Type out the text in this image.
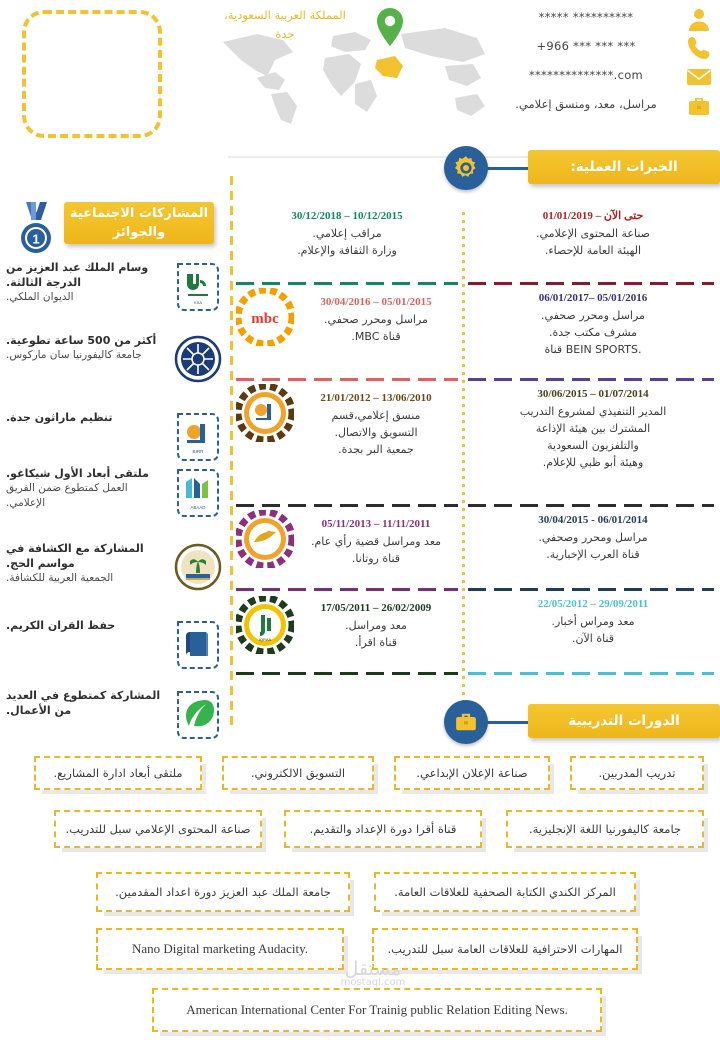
المملكة العربية السعودية،
جدة
***** **********
+966 *** *** ***
**************.com
مراسل، معد، ومنسق إعلامي.
الخبرات العملية:
1
المشاركات الاجتماعية والجوائز
KSA
وسام الملك عبد العزيز من الدرجة الثالثة.
الديوان الملكي.
أكثر من 500 ساعة تطوعية.
جامعة كاليفورنيا سان ماركوس.
BIRR
تنظيم ماراثون جدة.
ABAAD
ملتقى أبعاد الأول شيكاغو.
العمل كمتطوع ضمن الفريق الإعلامي.
المشاركة مع الكشافة في مواسم الحج.
الجمعية العربية للكشافة.
حفظ القران الكريم.
المشاركة كمتطوع في العديد من الأعمال.
01/01/2019 – حتى الآن
صناعة المحتوى الإعلامي.
الهيئة العامة للإحصاء.
06/01/2017– 05/01/2016
مراسل ومحرر صحفي.
مشرف مكتب جدة.
قناة BEIN SPORTS.
30/06/2015 – 01/07/2014
المدير التنفيذي لمشروع التدريب
المشترك بين هيئة الإذاعة
والتلفزيون السعودية
وهيئة أبو ظبي للإعلام.
30/04/2015 - 06/01/2014
مراسل ومحرر وصحفي.
قناة العرب الإخبارية.
22/05/2012 – 29/09/2011
معد ومراس أخبار.
قناة الآن.
mbc
IQRAA
30/12/2018 – 10/12/2015
مراقب إعلامي.
وزارة الثقافة والإعلام.
30/04/2016 – 05/01/2015
مراسل ومحرر صحفي.
قناة MBC.
21/01/2012 – 13/06/2010
منسق إعلامي،قسم
التسويق والاتصال.
جمعية البر بجدة.
05/11/2013 – 11/11/2011
معد ومراسل قضية رأي عام.
قناة روتانا.
17/05/2011 – 26/02/2009
معد ومراسل.
قناة اقرأ.
الدورات التدريبية
تدريب المدربين.
صناعة الإعلان الإبداعي.
التسويق الالكتروني.
ملتقى أبعاد ادارة المشاريع.
جامعة كاليفورنيا اللغة الإنجليزية.
قناة أقرا دورة الإعداد والتقديم.
صناعة المحتوى الإعلامي سبل للتدريب.
المركز الكندي الكتابة الصحفية للعلاقات العامة.
جامعة الملك عبد العزيز دورة اعداد المقدمين.
المهارات الاحترافية للعلاقات العامة سبل للتدريب.
Nano Digital marketing Audacity.
American International Center For Trainig public Relation Editing News.
مستقل
mostaql.com
